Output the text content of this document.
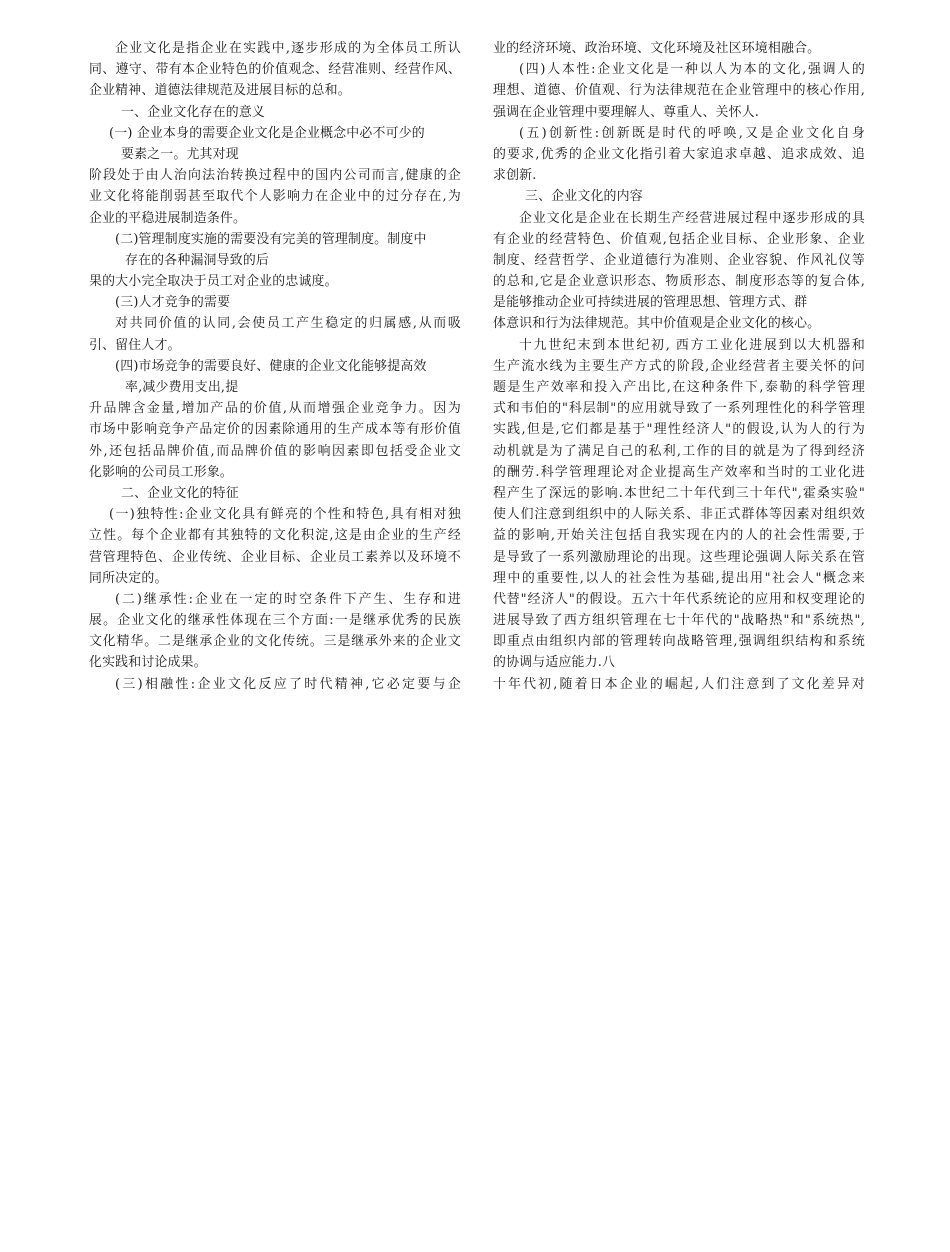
企业文化是指企业在实践中,逐步形成的为全体员工所认
同、遵守、带有本企业特色的价值观念、经营准则、经营作风、
企业精神、道德法律规范及进展目标的总和。
一、企业文化存在的意义
(一) 企业本身的需要企业文化是企业概念中必不可少的
要素之一。尤其对现
阶段处于由人治向法治转换过程中的国内公司而言,健康的企
业文化将能削弱甚至取代个人影响力在企业中的过分存在,为
企业的平稳进展制造条件。
(二)管理制度实施的需要没有完美的管理制度。制度中
存在的各种漏洞导致的后
果的大小完全取决于员工对企业的忠诚度。
(三)人才竞争的需要
对共同价值的认同,会使员工产生稳定的归属感,从而吸
引、留住人才。
(四)市场竞争的需要良好、健康的企业文化能够提高效
率,减少费用支出,提
升品牌含金量,增加产品的价值,从而增强企业竞争力。因为
市场中影响竞争产品定价的因素除通用的生产成本等有形价值
外,还包括品牌价值,而品牌价值的影响因素即包括受企业文
化影响的公司员工形象。
二、企业文化的特征
(一)独特性:企业文化具有鲜亮的个性和特色,具有相对独
立性。每个企业都有其独特的文化积淀,这是由企业的生产经
营管理特色、企业传统、企业目标、企业员工素养以及环境不
同所决定的。
(二)继承性:企业在一定的时空条件下产生、生存和进
展。企业文化的继承性体现在三个方面:一是继承优秀的民族
文化精华。二是继承企业的文化传统。三是继承外来的企业文
化实践和讨论成果。
(三)相融性:企业文化反应了时代精神,它必定要与企
业的经济环境、政治环境、文化环境及社区环境相融合。
(四)人本性:企业文化是一种以人为本的文化,强调人的
理想、道德、价值观、行为法律规范在企业管理中的核心作用,
强调在企业管理中要理解人、尊重人、关怀人.
(五)创新性:创新既是时代的呼唤,又是企业文化自身
的要求,优秀的企业文化指引着大家追求卓越、追求成效、追
求创新.
三、企业文化的内容
企业文化是企业在长期生产经营进展过程中逐步形成的具
有企业的经营特色、价值观,包括企业目标、企业形象、企业
制度、经营哲学、企业道德行为准则、企业容貌、作风礼仪等
的总和,它是企业意识形态、物质形态、制度形态等的复合体,
是能够推动企业可持续进展的管理思想、管理方式、群
体意识和行为法律规范。其中价值观是企业文化的核心。
十九世纪末到本世纪初, 西方工业化进展到以大机器和
生产流水线为主要生产方式的阶段,企业经营者主要关怀的问
题是生产效率和投入产出比,在这种条件下,泰勒的科学管理
式和韦伯的"科层制"的应用就导致了一系列理性化的科学管理
实践,但是,它们都是基于"理性经济人"的假设,认为人的行为
动机就是为了满足自己的私利,工作的目的就是为了得到经济
的酬劳.科学管理理论对企业提高生产效率和当时的工业化进
程产生了深远的影响.本世纪二十年代到三十年代",霍桑实验"
使人们注意到组织中的人际关系、非正式群体等因素对组织效
益的影响,开始关注包括自我实现在内的人的社会性需要,于
是导致了一系列激励理论的出现。这些理论强调人际关系在管
理中的重要性,以人的社会性为基础,提出用"社会人"概念来
代替"经济人"的假设。五六十年代系统论的应用和权变理论的
进展导致了西方组织管理在七十年代的"战略热"和"系统热",
即重点由组织内部的管理转向战略管理,强调组织结构和系统
的协调与适应能力.八
十年代初,随着日本企业的崛起,人们注意到了文化差异对
